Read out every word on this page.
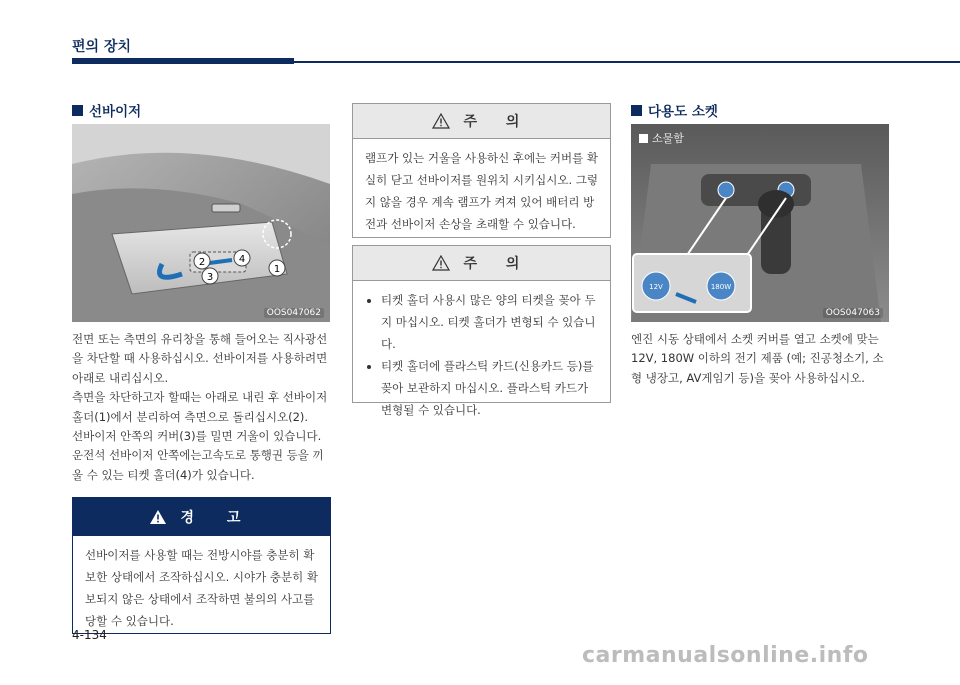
편의 장치
선바이저
2
3
4
1
OOS047062

전면 또는 측면의 유리창을 통해 들어오는 직사광선을 차단할 때 사용하십시오. 선바이저를 사용하려면 아래로 내리십시오.

측면을 차단하고자 할때는 아래로 내린 후 선바이저 홀더(1)에서 분리하여 측면으로 돌리십시오(2).

선바이저 안쪽의 커버(3)를 밀면 거울이 있습니다.

운전석 선바이저 안쪽에는고속도로 통행권 등을 끼울 수 있는 티켓 홀더(4)가 있습니다.

경 고
선바이저를 사용할 때는 전방시야를 충분히 확보한 상태에서 조작하십시오. 시야가 충분히 확보되지 않은 상태에서 조작하면 불의의 사고를 당할 수 있습니다.
주 의
램프가 있는 거울을 사용하신 후에는 커버를 확실히 닫고 선바이저를 원위치 시키십시오. 그렇지 않을 경우 계속 램프가 켜져 있어 배터리 방전과 선바이저 손상을 초래할 수 있습니다.
주 의
• 티켓 홀더 사용시 많은 양의 티켓을 꽂아 두지 마십시오. 티켓 홀더가 변형되 수 있습니다.
• 티켓 홀더에 플라스틱 카드(신용카드 등)를 꽂아 보관하지 마십시오. 플라스틱 카드가 변형될 수 있습니다.
다용도 소켓
12V	180W
소물함
OOS047063
엔진 시동 상태에서 소켓 커버를 열고 소켓에 맞는 12V, 180W 이하의 전기 제품 (예; 진공청소기, 소형 냉장고, AV게임기 등)을 꽂아 사용하십시오.
4-134
carmanualsonline.info
